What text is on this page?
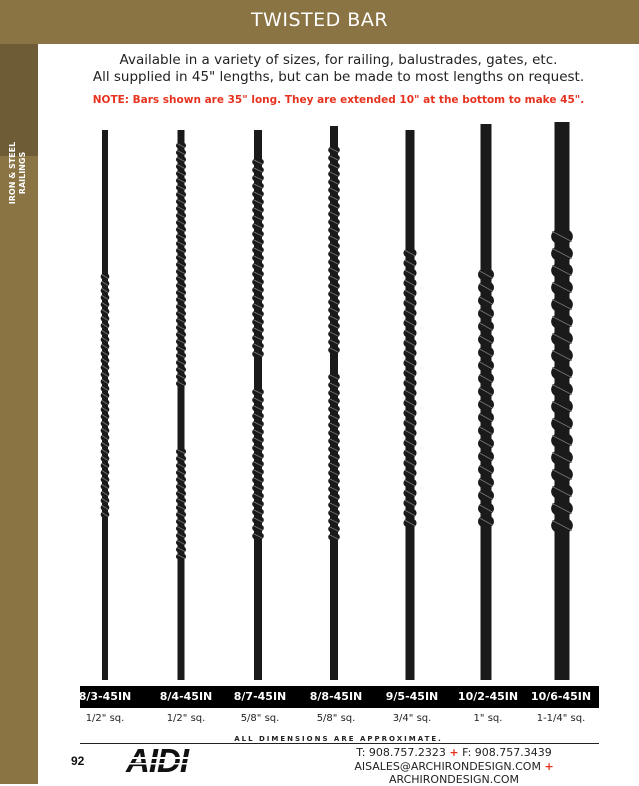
TWISTED BAR
IRON & STEEL RAILINGS
Available in a variety of sizes, for railing, balustrades, gates, etc.
All supplied in 45" lengths, but can be made to most lengths on request.
NOTE: Bars shown are 35" long. They are extended 10" at the bottom to make 45".
8/3-45IN	8/4-45IN 8/7-45IN 8/8-45IN 9/5-45IN 10/2-45IN 10/6-45IN
1/2" sq.	1/2" sq.	5/8" sq.	5/8" sq.	3/4" sq.	1" sq.	1-1/4" sq.
ALL DIMENSIONS ARE APPROXIMATE.
92
T: 908.757.2323 + F: 908.757.3439
AISALES@ARCHIRONDESIGN.COM + ARCHIRONDESIGN.COM
